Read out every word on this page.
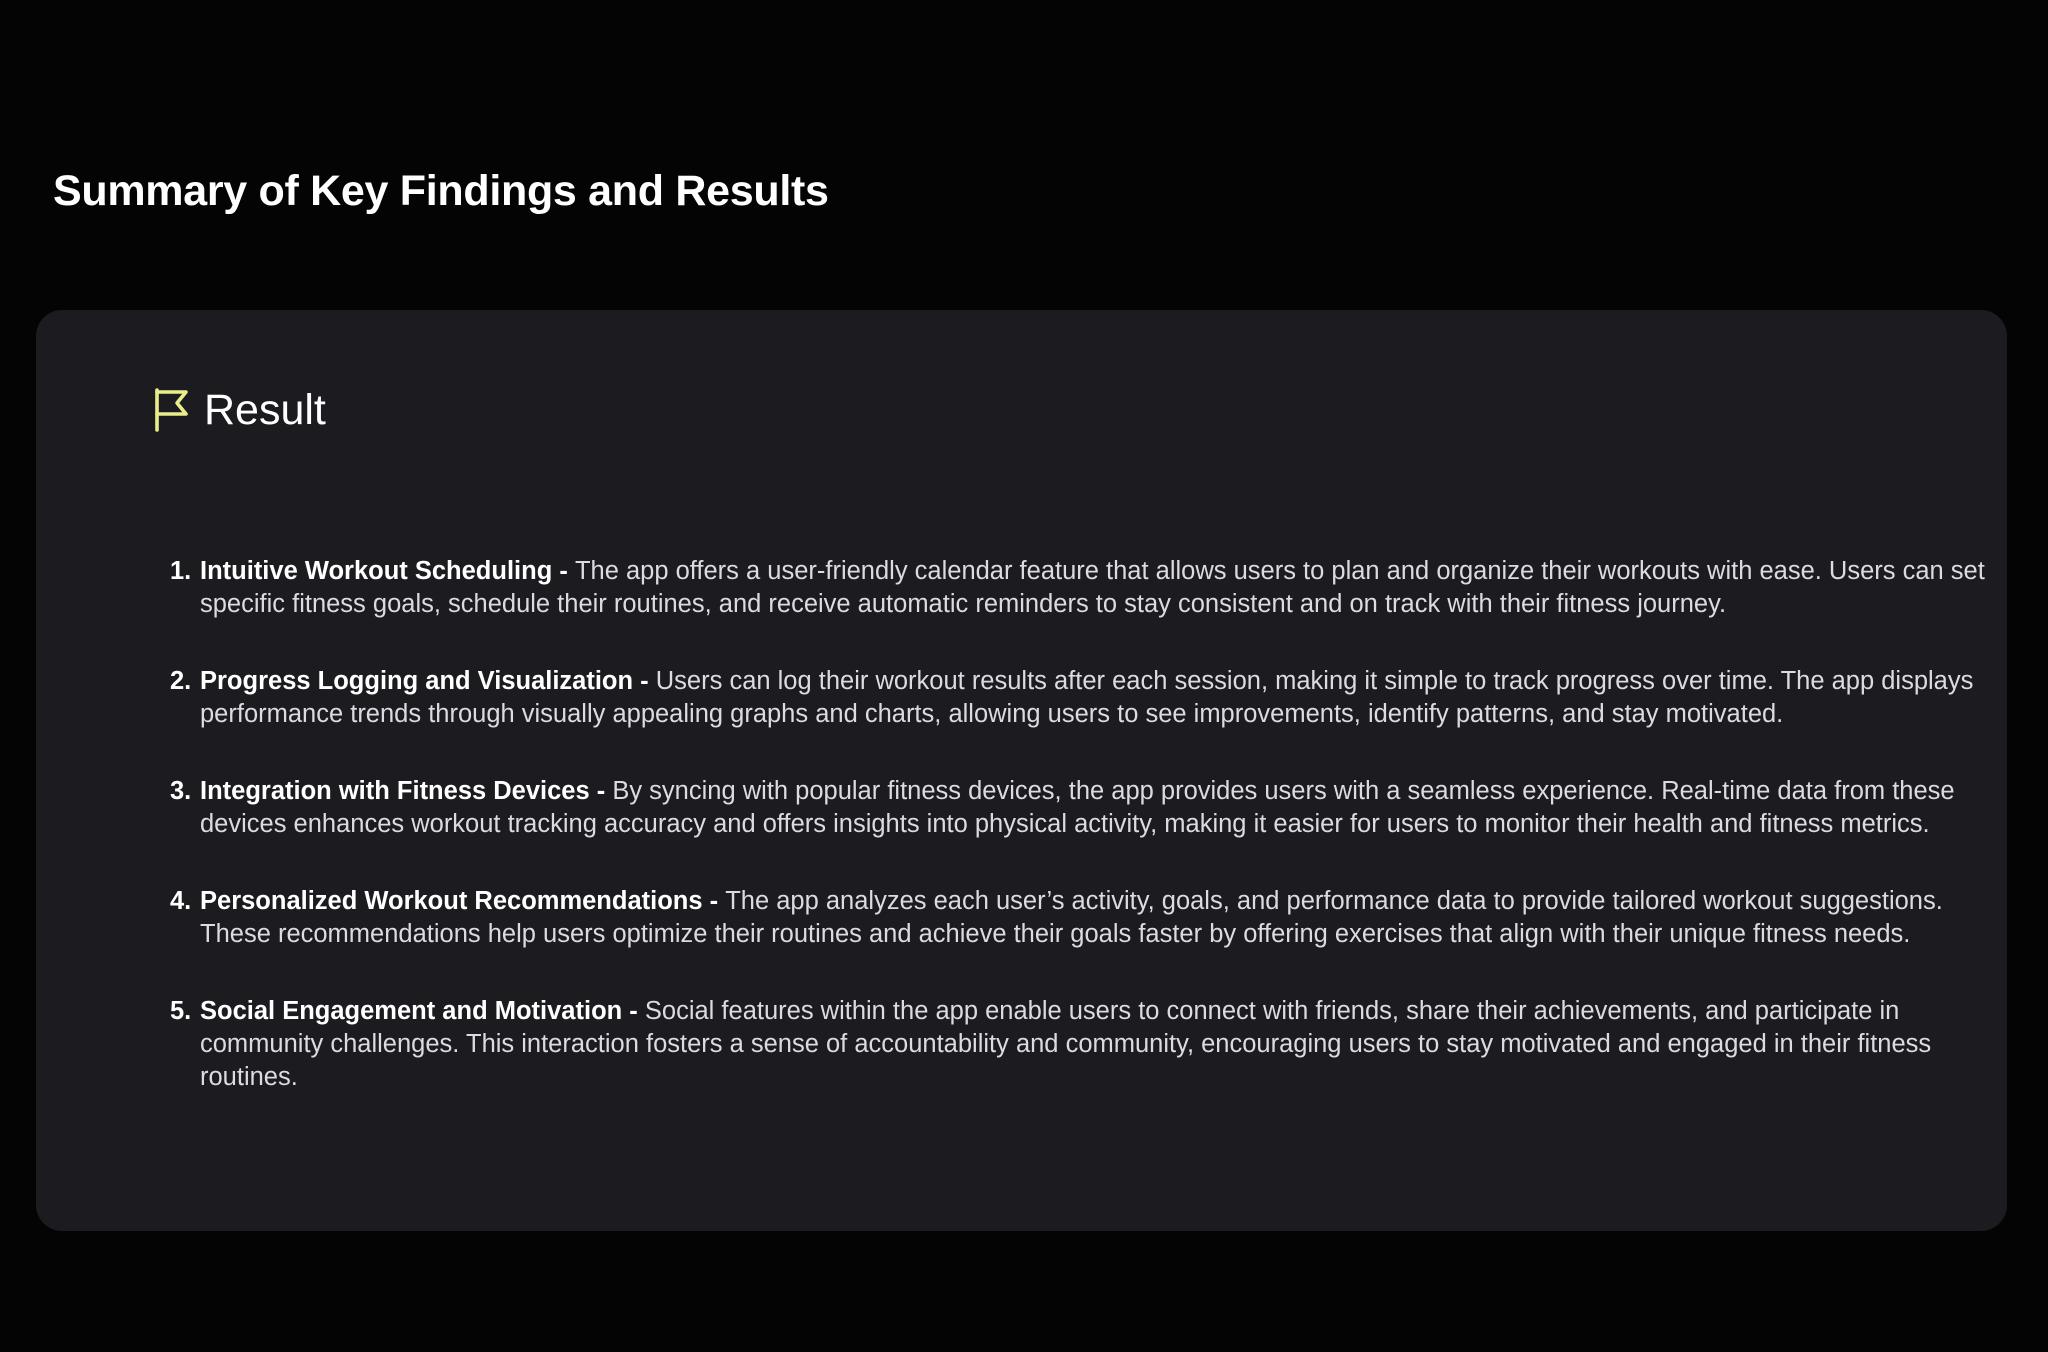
Summary of Key Findings and Results
Result
1. Intuitive Workout Scheduling - The app offers a user-friendly calendar feature that allows users to plan and organize their workouts with ease. Users can set specific fitness goals, schedule their routines, and receive automatic reminders to stay consistent and on track with their fitness journey.
2. Progress Logging and Visualization - Users can log their workout results after each session, making it simple to track progress over time. The app displays performance trends through visually appealing graphs and charts, allowing users to see improvements, identify patterns, and stay motivated.
3. Integration with Fitness Devices - By syncing with popular fitness devices, the app provides users with a seamless experience. Real-time data from these devices enhances workout tracking accuracy and offers insights into physical activity, making it easier for users to monitor their health and fitness metrics.
4. Personalized Workout Recommendations - The app analyzes each user’s activity, goals, and performance data to provide tailored workout suggestions. These recommendations help users optimize their routines and achieve their goals faster by offering exercises that align with their unique fitness needs.
5. Social Engagement and Motivation - Social features within the app enable users to connect with friends, share their achievements, and participate in community challenges. This interaction fosters a sense of accountability and community, encouraging users to stay motivated and engaged in their fitness routines.
